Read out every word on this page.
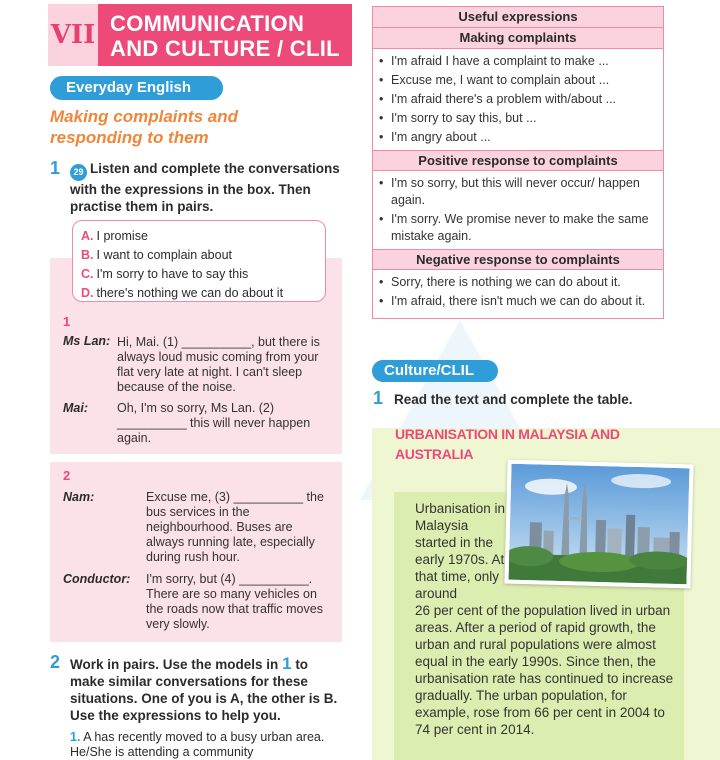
VII COMMUNICATION
AND CULTURE / CLIL
Everyday English
Making complaints and
responding to them
1	29 Listen and complete the conversations with the expressions in the box. Then practise them in pairs.
A. I promise
B. I want to complain about
C. I'm sorry to have to say this
D. there's nothing we can do about it
1
Ms Lan: Hi, Mai. (1) __________, but there is always loud music coming from your flat very late at night. I can't sleep because of the noise.
Mai: Oh, I'm so sorry, Ms Lan. (2) __________ this will never happen again.
2
Nam:	Excuse me, (3) __________ the bus services in the neighbourhood. Buses are always running late, especially during rush hour.
Conductor: I'm sorry, but (4) __________. There are so many vehicles on the roads now that traffic moves very slowly.
2 Work in pairs. Use the models in 1 to make similar conversations for these situations. One of you is A, the other is B. Use the expressions to help you.
1. A has recently moved to a busy urban area. He/She is attending a community
Useful expressions
Making complaints
• I'm afraid I have a complaint to make ...
• Excuse me, I want to complain about ...
• I'm afraid there's a problem with/about ...
• I'm sorry to say this, but ...
• I'm angry about ...
Positive response to complaints
• I'm so sorry, but this will never occur/ happen again.
• I'm sorry. We promise never to make the same mistake again.
Negative response to complaints
• Sorry, there is nothing we can do about it.
• I'm afraid, there isn't much we can do about it.
Culture/CLIL
1 Read the text and complete the table.
URBANISATION IN MALAYSIA AND
AUSTRALIA
Urbanisation in Malaysia started in the early 1970s. At that time, only around
26 per cent of the population lived in urban areas. After a period of rapid growth, the urban and rural populations were almost equal in the early 1990s. Since then, the urbanisation rate has continued to increase gradually. The urban population, for example, rose from 66 per cent in 2004 to 74 per cent in 2014.
